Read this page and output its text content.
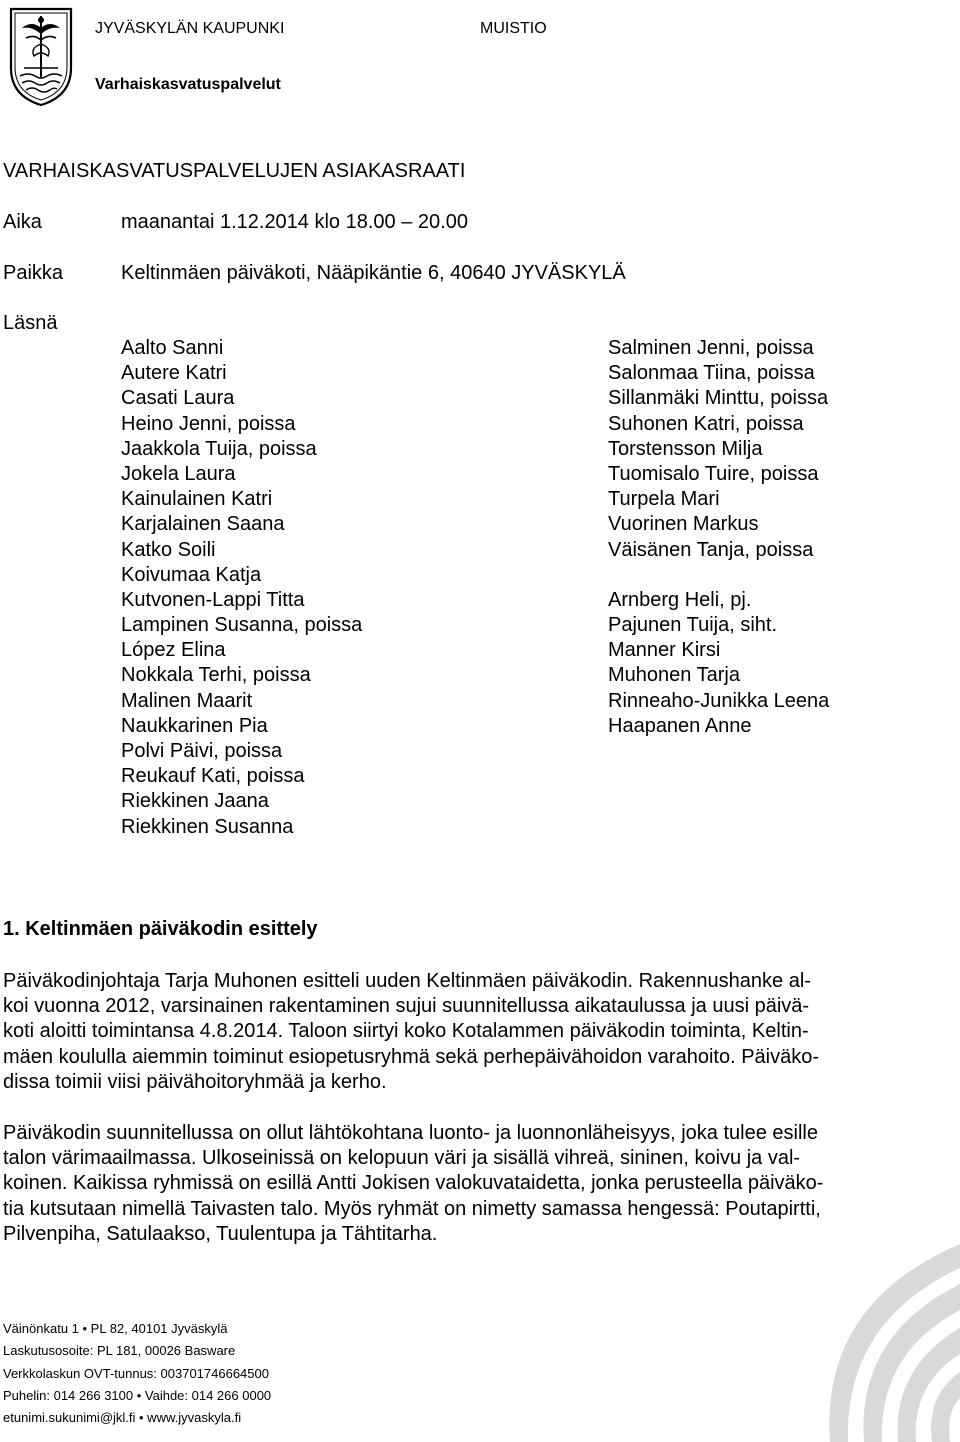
JYVÄSKYLÄN KAUPUNKI	MUISTIO
Varhaiskasvatuspalvelut
VARHAISKASVATUSPALVELUJEN ASIAKASRAATI
Aika	maanantai 1.12.2014 klo 18.00 – 20.00
Paikka	Keltinmäen päiväkoti, Nääpikäntie 6, 40640 JYVÄSKYLÄ
Läsnä
Aalto Sanni
Autere Katri
Casati Laura
Heino Jenni, poissa
Jaakkola Tuija, poissa
Jokela Laura
Kainulainen Katri
Karjalainen Saana
Katko Soili
Koivumaa Katja
Kutvonen-Lappi Titta
Lampinen Susanna, poissa
López Elina
Nokkala Terhi, poissa
Malinen Maarit
Naukkarinen Pia
Polvi Päivi, poissa
Reukauf Kati, poissa
Riekkinen Jaana
Riekkinen Susanna
Salminen Jenni, poissa
Salonmaa Tiina, poissa
Sillanmäki Minttu, poissa
Suhonen Katri, poissa
Torstensson Milja
Tuomisalo Tuire, poissa
Turpela Mari
Vuorinen Markus
Väisänen Tanja, poissa
Arnberg Heli, pj.
Pajunen Tuija, siht.
Manner Kirsi
Muhonen Tarja
Rinneaho-Junikka Leena
Haapanen Anne
1. Keltinmäen päiväkodin esittely
Päiväkodinjohtaja Tarja Muhonen esitteli uuden Keltinmäen päiväkodin. Rakennushanke al-
koi vuonna 2012, varsinainen rakentaminen sujui suunnitellussa aikataulussa ja uusi päivä-
koti aloitti toimintansa 4.8.2014. Taloon siirtyi koko Kotalammen päiväkodin toiminta, Keltin-
mäen koululla aiemmin toiminut esiopetusryhmä sekä perhepäivähoidon varahoito. Päiväko-
dissa toimii viisi päivähoitoryhmää ja kerho.
Päiväkodin suunnitellussa on ollut lähtökohtana luonto- ja luonnonläheisyys, joka tulee esille
talon värimaailmassa. Ulkoseinissä on kelopuun väri ja sisällä vihreä, sininen, koivu ja val-
koinen. Kaikissa ryhmissä on esillä Antti Jokisen valokuvataidetta, jonka perusteella päiväko-
tia kutsutaan nimellä Taivasten talo. Myös ryhmät on nimetty samassa hengessä: Poutapirtti,
Pilvenpiha, Satulaakso, Tuulentupa ja Tähtitarha.
Väinönkatu 1 • PL 82, 40101 Jyväskylä
Laskutusosoite: PL 181, 00026 Basware
Verkkolaskun OVT-tunnus: 003701746664500
Puhelin: 014 266 3100 • Vaihde: 014 266 0000
etunimi.sukunimi@jkl.fi • www.jyvaskyla.fi
